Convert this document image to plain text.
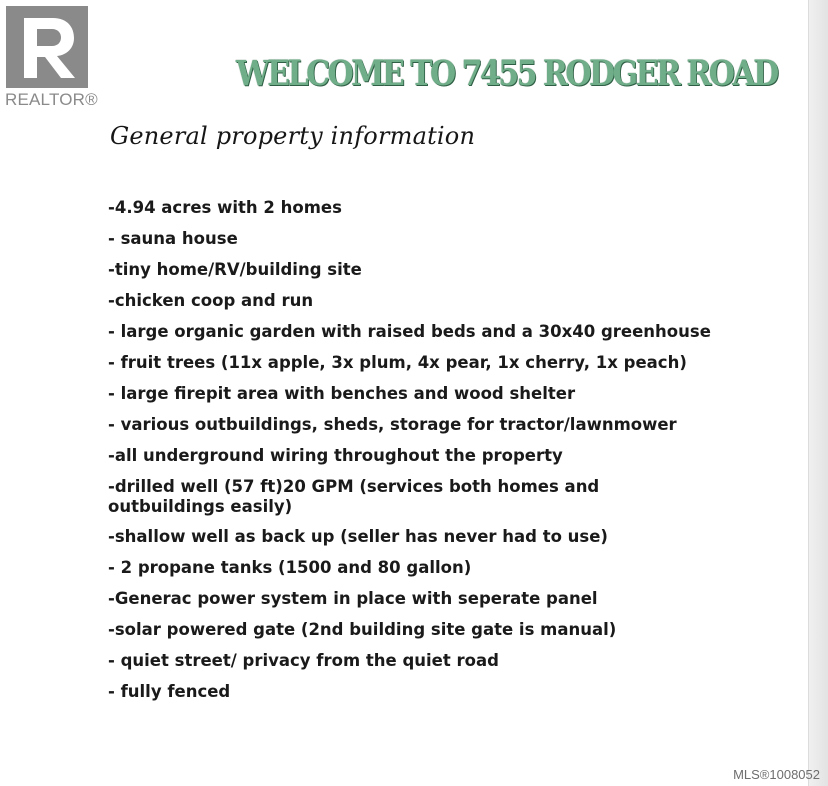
REALTOR®
WELCOME TO 7455 RODGER ROAD
General property information
-4.94 acres with 2 homes
- sauna house
-tiny home/RV/building site
-chicken coop and run
- large organic garden with raised beds and a 30x40 greenhouse
- fruit trees (11x apple, 3x plum, 4x pear, 1x cherry, 1x peach)
- large firepit area with benches and wood shelter
- various outbuildings, sheds, storage for tractor/lawnmower
-all underground wiring throughout the property
-drilled well (57 ft)20 GPM (services both homes and outbuildings easily)
-shallow well as back up (seller has never had to use)
- 2 propane tanks (1500 and 80 gallon)
-Generac power system in place with seperate panel
-solar powered gate (2nd building site gate is manual)
- quiet street/ privacy from the quiet road
- fully fenced
MLS®1008052
